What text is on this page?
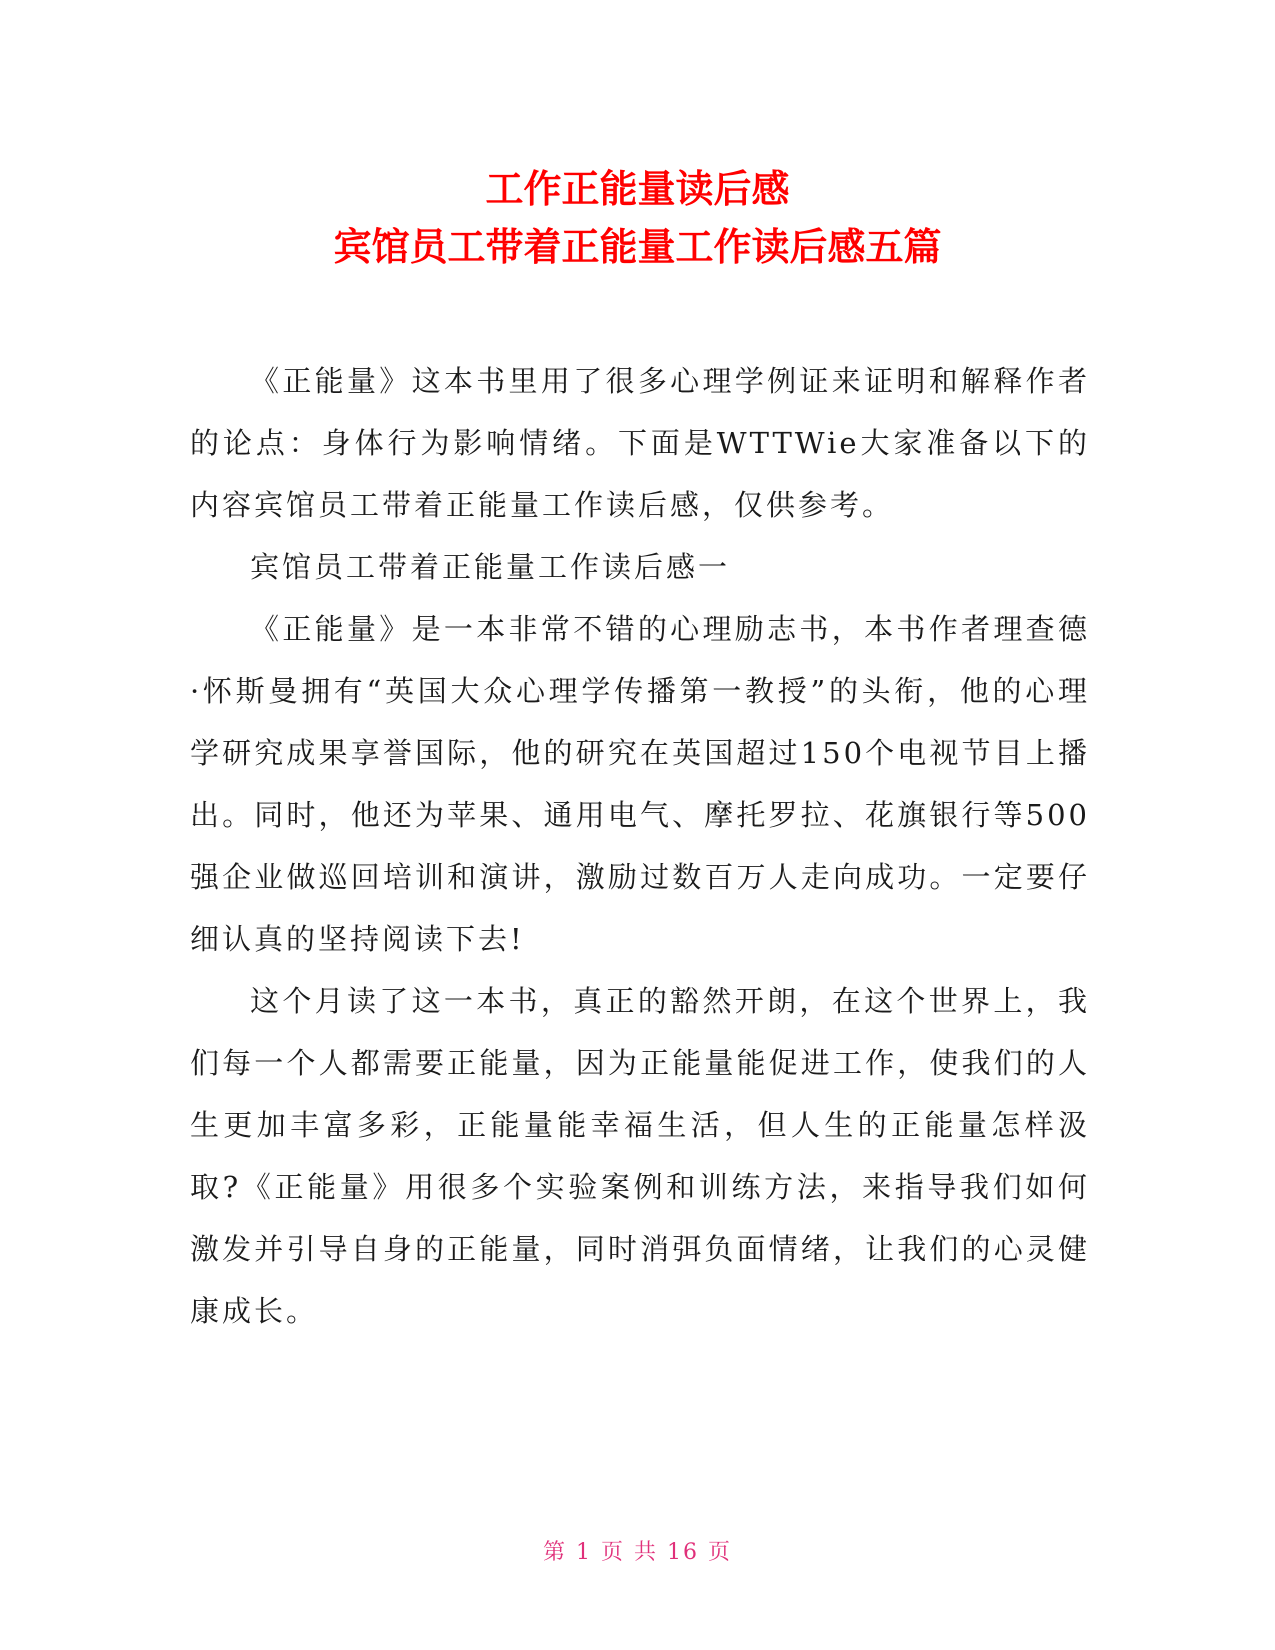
工作正能量读后感
宾馆员工带着正能量工作读后感五篇

《正能量》这本书里用了很多心理学例证来证明和解释作者的论点：身体行为影响情绪。下面是WTTWie大家准备以下的内容宾馆员工带着正能量工作读后感，仅供参考。

宾馆员工带着正能量工作读后感一

《正能量》是一本非常不错的心理励志书，本书作者理查德·怀斯曼拥有“英国大众心理学传播第一教授”的头衔，他的心理学研究成果享誉国际，他的研究在英国超过150个电视节目上播出。同时，他还为苹果、通用电气、摩托罗拉、花旗银行等500强企业做巡回培训和演讲，激励过数百万人走向成功。一定要仔细认真的坚持阅读下去!

这个月读了这一本书，真正的豁然开朗，在这个世界上，我们每一个人都需要正能量，因为正能量能促进工作，使我们的人生更加丰富多彩，正能量能幸福生活，但人生的正能量怎样汲取?《正能量》用很多个实验案例和训练方法，来指导我们如何激发并引导自身的正能量，同时消弭负面情绪，让我们的心灵健康成长。

第 1 页 共 16 页
